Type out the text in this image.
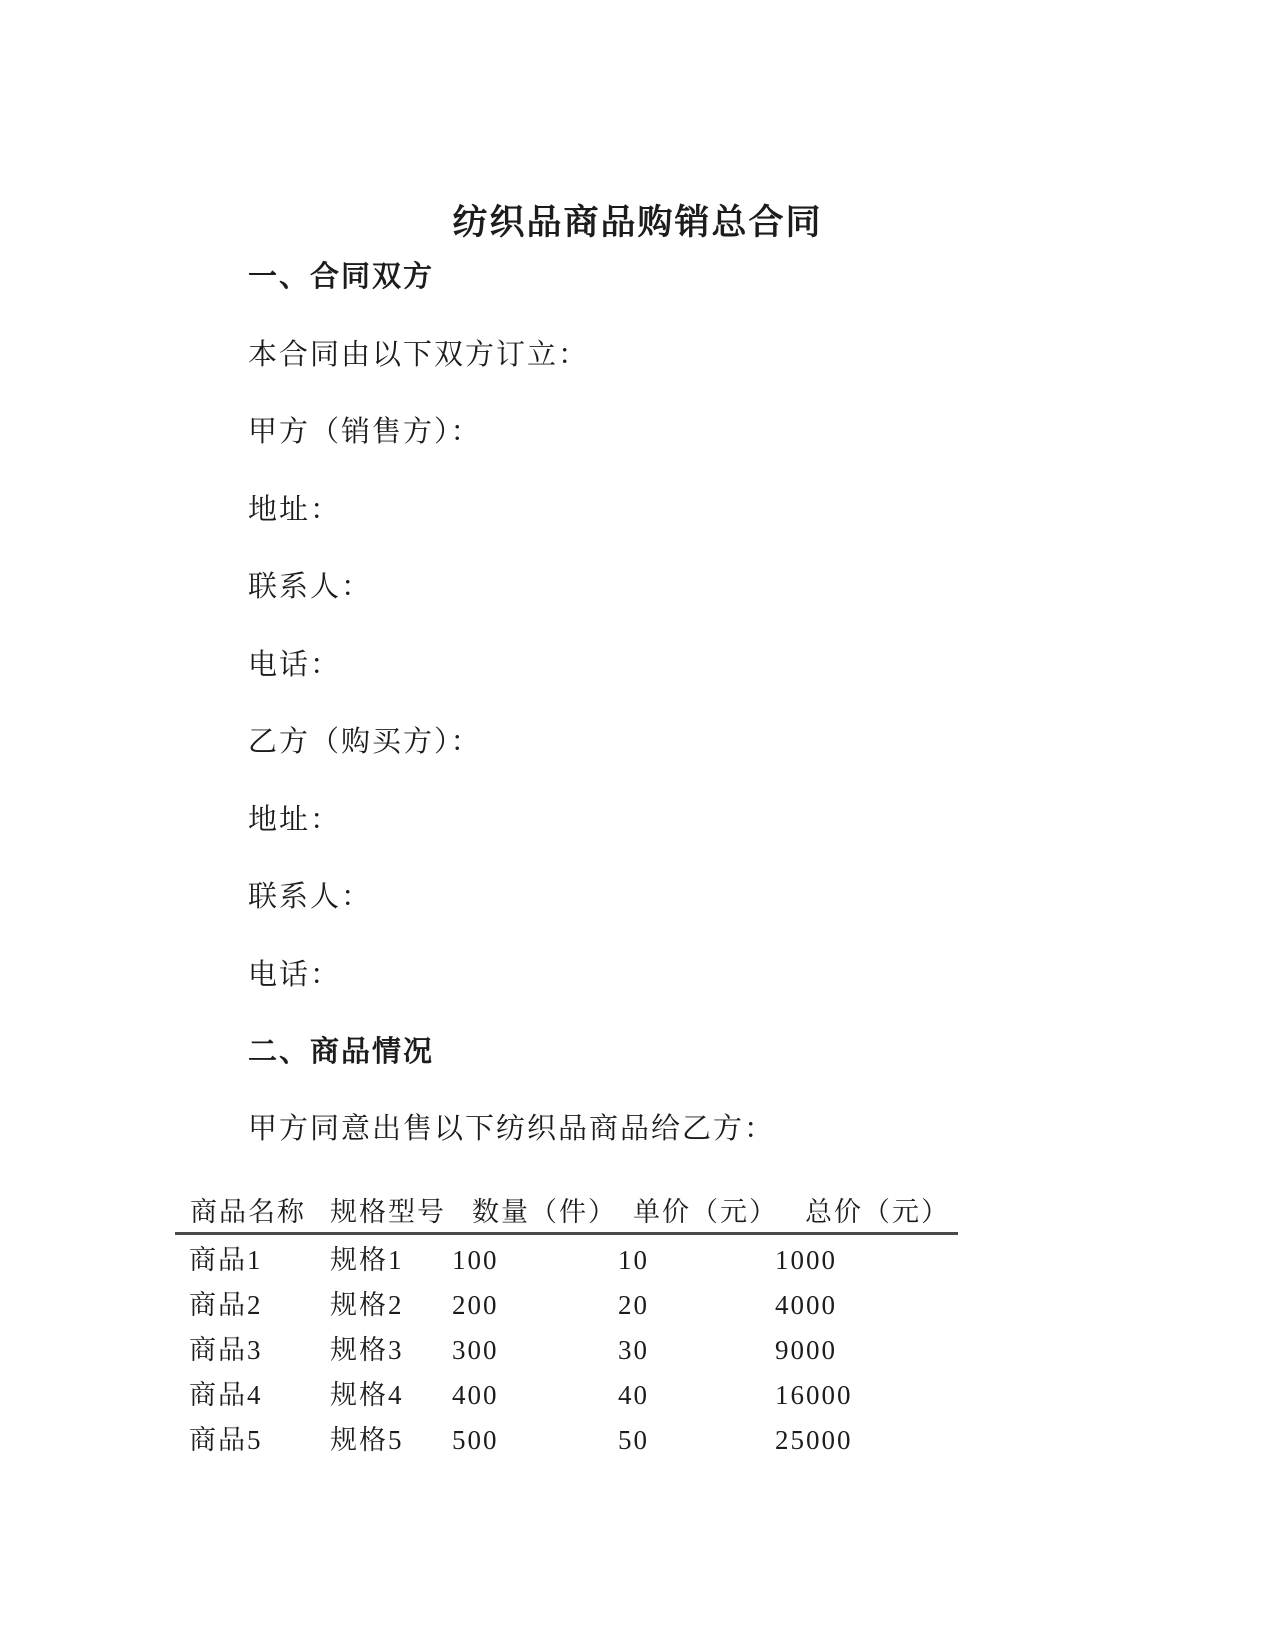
纺织品商品购销总合同
一、合同双方
本合同由以下双方订立：
甲方（销售方）：
地址：
联系人：
电话：
乙方（购买方）：
地址：
联系人：
电话：
二、商品情况
甲方同意出售以下纺织品商品给乙方：
商品名称 规格型号 数量（件） 单价（元） 总价（元）
商品1	规格1 100	10	1000
商品2	规格2 200	20	4000
商品3	规格3 300	30	9000
商品4	规格4 400	40	16000
商品5	规格5 500	50	25000
